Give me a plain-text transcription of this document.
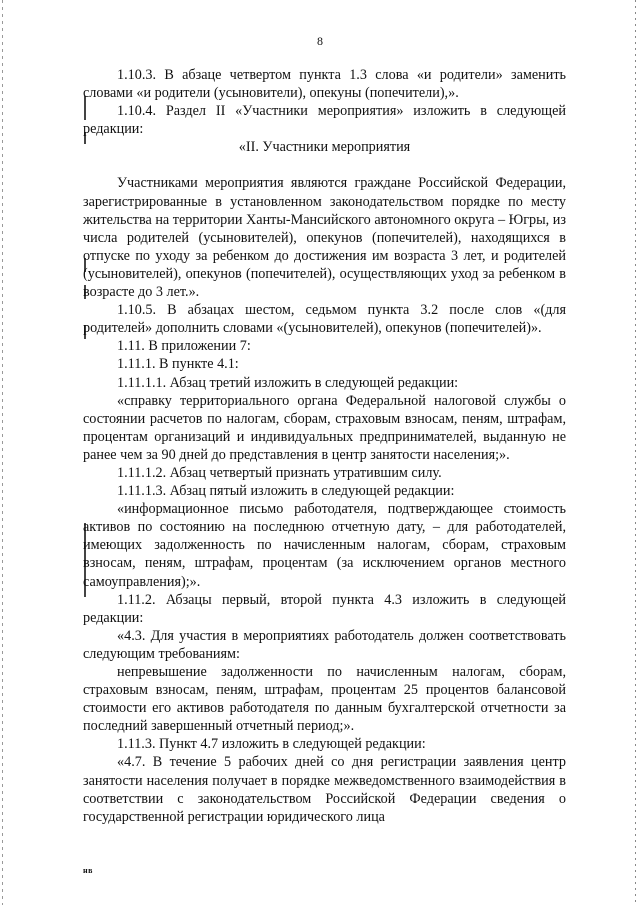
8

1.10.3. В абзаце четвертом пункта 1.3 слова «и родители» заменить словами «и родители (усыновители), опекуны (попечители),».

1.10.4. Раздел II «Участники мероприятия» изложить в следующей редакции:

«II. Участники мероприятия

Участниками мероприятия являются граждане Российской Федерации, зарегистрированные в установленном законодательством порядке по месту жительства на территории Ханты-Мансийского автономного округа – Югры, из числа родителей (усыновителей), опекунов (попечителей), находящихся в отпуске по уходу за ребенком до достижения им возраста 3 лет, и родителей (усыновителей), опекунов (попечителей), осуществляющих уход за ребенком в возрасте до 3 лет.».

1.10.5. В абзацах шестом, седьмом пункта 3.2 после слов «(для родителей» дополнить словами «(усыновителей), опекунов (попечителей)».

1.11. В приложении 7:

1.11.1. В пункте 4.1:

1.11.1.1. Абзац третий изложить в следующей редакции:

«справку территориального органа Федеральной налоговой службы о состоянии расчетов по налогам, сборам, страховым взносам, пеням, штрафам, процентам организаций и индивидуальных предпринимателей, выданную не ранее чем за 90 дней до представления в центр занятости населения;».

1.11.1.2. Абзац четвертый признать утратившим силу.

1.11.1.3. Абзац пятый изложить в следующей редакции:

«информационное письмо работодателя, подтверждающее стоимость активов по состоянию на последнюю отчетную дату, – для работодателей, имеющих задолженность по начисленным налогам, сборам, страховым взносам, пеням, штрафам, процентам (за исключением органов местного самоуправления);».

1.11.2. Абзацы первый, второй пункта 4.3 изложить в следующей редакции:

«4.3. Для участия в мероприятиях работодатель должен соответствовать следующим требованиям:

непревышение задолженности по начисленным налогам, сборам, страховым взносам, пеням, штрафам, процентам 25 процентов балансовой стоимости его активов работодателя по данным бухгалтерской отчетности за последний завершенный отчетный период;».

1.11.3. Пункт 4.7 изложить в следующей редакции:

«4.7. В течение 5 рабочих дней со дня регистрации заявления центр занятости населения получает в порядке межведомственного взаимодействия в соответствии с законодательством Российской Федерации сведения о государственной регистрации юридического лица

нв
